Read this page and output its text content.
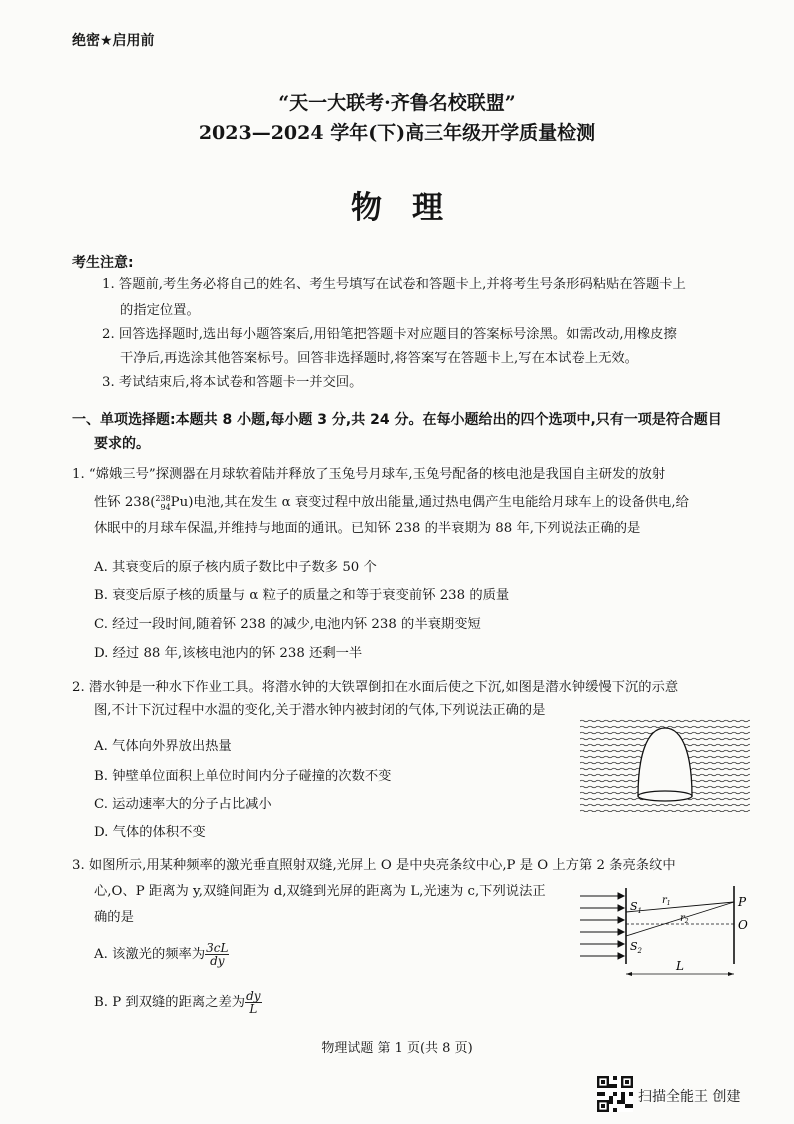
绝密★启用前
“天一大联考·齐鲁名校联盟”
2023—2024 学年(下)高三年级开学质量检测
物理
考生注意:
1. 答题前,考生务必将自己的姓名、考生号填写在试卷和答题卡上,并将考生号条形码粘贴在答题卡上
的指定位置。
2. 回答选择题时,选出每小题答案后,用铅笔把答题卡对应题目的答案标号涂黑。如需改动,用橡皮擦
干净后,再选涂其他答案标号。回答非选择题时,将答案写在答题卡上,写在本试卷上无效。
3. 考试结束后,将本试卷和答题卡一并交回。
一、单项选择题:本题共 8 小题,每小题 3 分,共 24 分。在每小题给出的四个选项中,只有一项是符合题目
要求的。
1. “嫦娥三号”探测器在月球软着陆并释放了玉兔号月球车,玉兔号配备的核电池是我国自主研发的放射
性钚 238( 238
94 Pu)电池,其在发生 α 衰变过程中放出能量,通过热电偶产生电能给月球车上的设备供电,给
休眠中的月球车保温,并维持与地面的通讯。已知钚 238 的半衰期为 88 年,下列说法正确的是
A. 其衰变后的原子核内质子数比中子数多 50 个
B. 衰变后原子核的质量与 α 粒子的质量之和等于衰变前钚 238 的质量
C. 经过一段时间,随着钚 238 的减少,电池内钚 238 的半衰期变短
D. 经过 88 年,该核电池内的钚 238 还剩一半
2. 潜水钟是一种水下作业工具。将潜水钟的大铁罩倒扣在水面后使之下沉,如图是潜水钟缓慢下沉的示意
图,不计下沉过程中水温的变化,关于潜水钟内被封闭的气体,下列说法正确的是
A. 气体向外界放出热量
B. 钟壁单位面积上单位时间内分子碰撞的次数不变
C. 运动速率大的分子占比减小
D. 气体的体积不变
3. 如图所示,用某种频率的激光垂直照射双缝,光屏上 O 是中央亮条纹中心,P 是 O 上方第 2 条亮条纹中
心,O、P 距离为 y,双缝间距为 d,双缝到光屏的距离为 L,光速为 c,下列说法正
确的是
A. 该激光的频率为 $\frac{3cL}{dy}$
B. P 到双缝的距离之差为 $\frac{dy}{L}$
$S_1$
$S_2$
$r_1$
$r_2$
P
O
L
物理试题 第 1 页(共 8 页)
扫描全能王 创建
